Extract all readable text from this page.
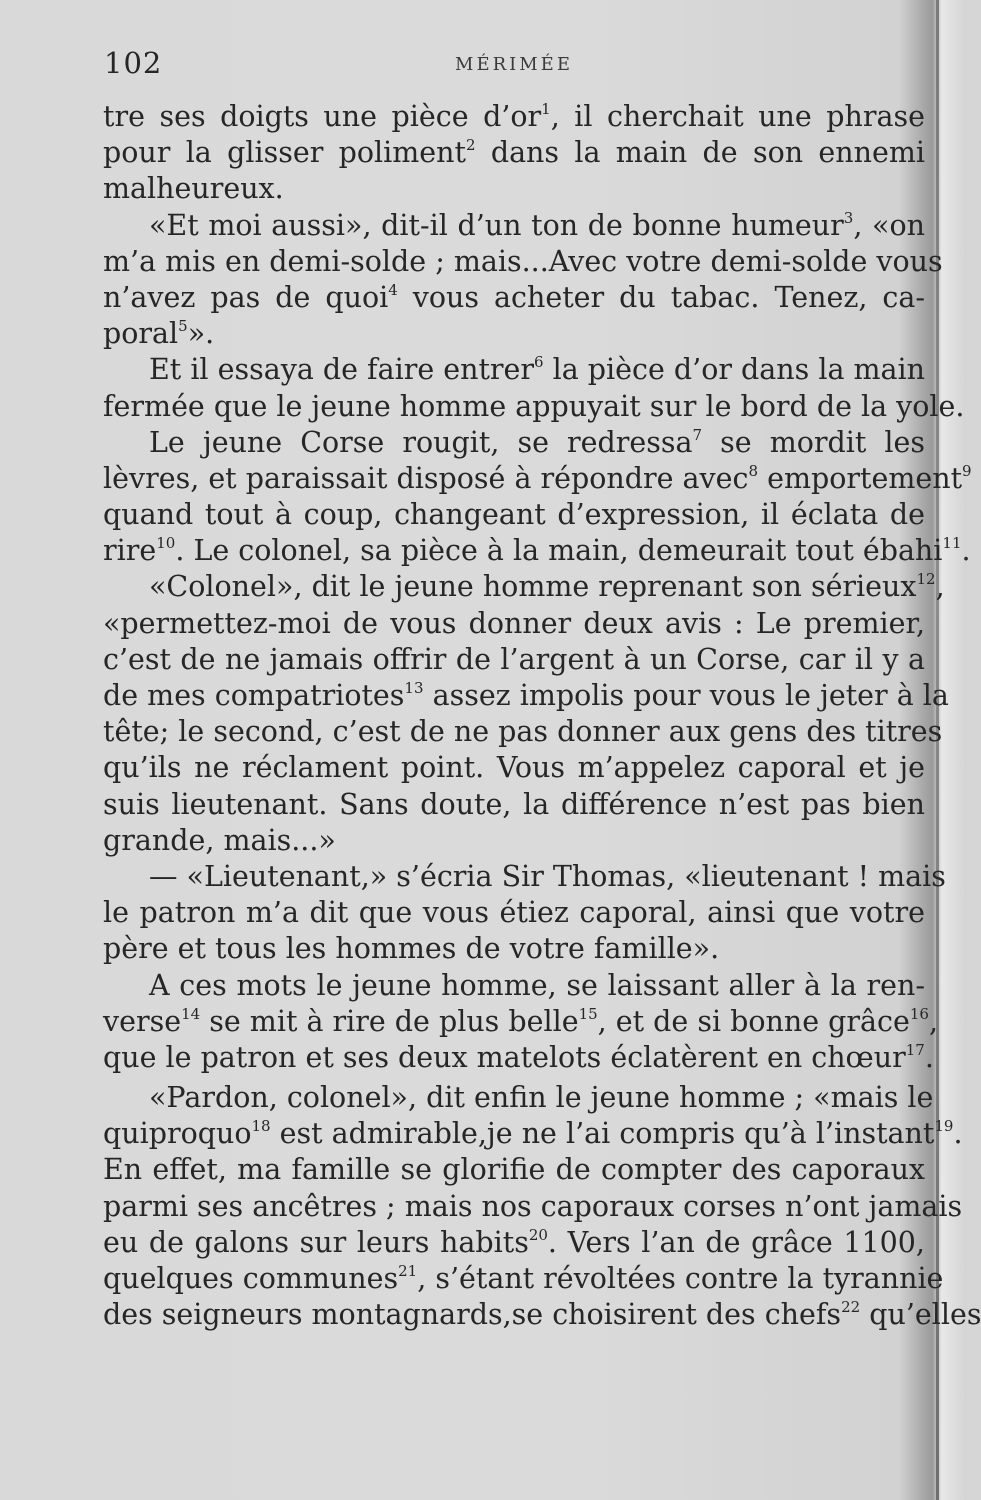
102	MÉRIMÉE
tre ses doigts une pièce $d’or^1$, il cherchait une phrase
pour la glisser poliment$^2$ dans la main de son ennemi
malheureux.
«Et moi aussi», dit-il d’un ton de bonne humeur$^3$, «on
m’a mis en demi-solde ; mais...Avec votre demi-solde vous
n’avez pas de quoi$^4$ vous acheter du tabac. Tenez, ca-
poral$^5$».
Et il essaya de faire entrer$^6$ la pièce d’or dans la main
fermée que le jeune homme appuyait sur le bord de la yole.
Le jeune Corse rougit, se redressa$^7$ se mordit les
lèvres, et paraissait disposé à répondre avec$^8$ emportement$^9$
quand tout à coup, changeant d’expression, il éclata de
rire$^{10}$. Le colonel, sa pièce à la main, demeurait tout ébahi$^{11}$.
«Colonel», dit le jeune homme reprenant son sérieux$^{12}$,
«permettez-moi de vous donner deux avis : Le premier,
c’est de ne jamais offrir de l’argent à un Corse, car il y a
de mes compatriotes$^{13}$ assez impolis pour vous le jeter à la
tête; le second, c’est de ne pas donner aux gens des titres
qu’ils ne réclament point. Vous m’appelez caporal et je
suis lieutenant. Sans doute, la différence n’est pas bien
grande, mais...»
— «Lieutenant,» s’écria Sir Thomas, «lieutenant ! mais
le patron m’a dit que vous étiez caporal, ainsi que votre
père et tous les hommes de votre famille».
A ces mots le jeune homme, se laissant aller à la ren-
verse$^{14}$ se mit à rire de plus belle$^{15}$, et de si bonne grâce$^{16}$,
que le patron et ses deux matelots éclatèrent en chœur$^{17}$.
«Pardon, colonel», dit enfin le jeune homme ; «mais le
quiproquo$^{18}$ est admirable,je ne l’ai compris qu’à l’instant$^{19}$.
En effet, ma famille se glorifie de compter des caporaux
parmi ses ancêtres ; mais nos caporaux corses n’ont jamais
eu de galons sur leurs habits$^{20}$. Vers l’an de grâce 1100,
quelques communes$^{21}$, s’étant révoltées contre la tyrannie
des seigneurs montagnards,se choisirent des chefs$^{22}$ qu’elles
